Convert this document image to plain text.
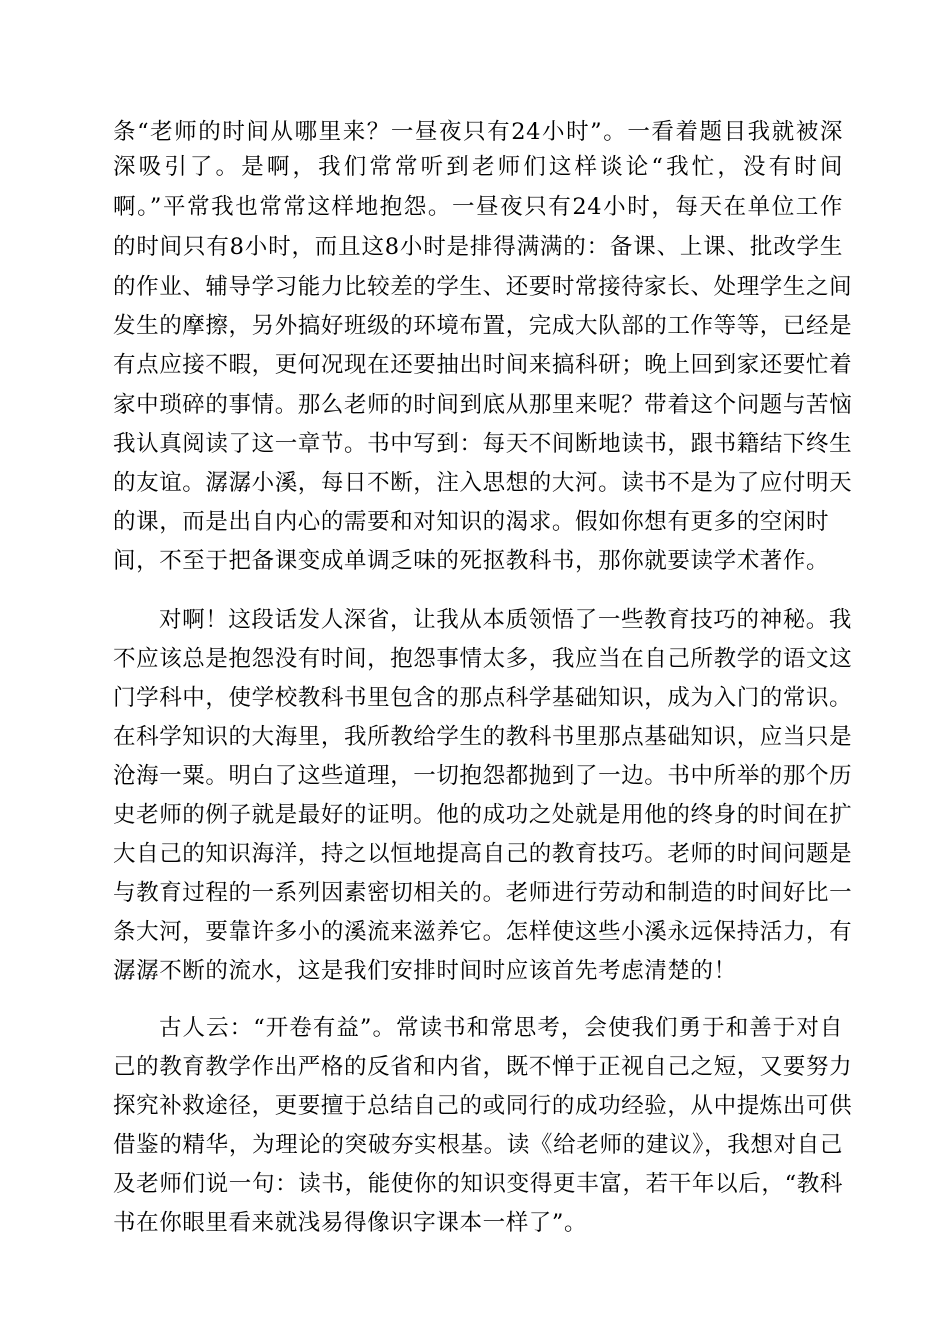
条“老师的时间从哪里来？一昼夜只有24小时”。一看着题目我就被深
深吸引了。是啊，我们常常听到老师们这样谈论“我忙，没有时间
啊。”平常我也常常这样地抱怨。一昼夜只有24小时，每天在单位工作
的时间只有8小时，而且这8小时是排得满满的：备课、上课、批改学生
的作业、辅导学习能力比较差的学生、还要时常接待家长、处理学生之间
发生的摩擦，另外搞好班级的环境布置，完成大队部的工作等等，已经是
有点应接不暇，更何况现在还要抽出时间来搞科研；晚上回到家还要忙着
家中琐碎的事情。那么老师的时间到底从那里来呢？带着这个问题与苦恼
我认真阅读了这一章节。书中写到：每天不间断地读书，跟书籍结下终生
的友谊。潺潺小溪，每日不断，注入思想的大河。读书不是为了应付明天
的课，而是出自内心的需要和对知识的渴求。假如你想有更多的空闲时
间，不至于把备课变成单调乏味的死抠教科书，那你就要读学术著作。
对啊！这段话发人深省，让我从本质领悟了一些教育技巧的神秘。我
不应该总是抱怨没有时间，抱怨事情太多，我应当在自己所教学的语文这
门学科中，使学校教科书里包含的那点科学基础知识，成为入门的常识。
在科学知识的大海里，我所教给学生的教科书里那点基础知识，应当只是
沧海一粟。明白了这些道理，一切抱怨都抛到了一边。书中所举的那个历
史老师的例子就是最好的证明。他的成功之处就是用他的终身的时间在扩
大自己的知识海洋，持之以恒地提高自己的教育技巧。老师的时间问题是
与教育过程的一系列因素密切相关的。老师进行劳动和制造的时间好比一
条大河，要靠许多小的溪流来滋养它。怎样使这些小溪永远保持活力，有
潺潺不断的流水，这是我们安排时间时应该首先考虑清楚的！
古人云：“开卷有益”。常读书和常思考，会使我们勇于和善于对自
己的教育教学作出严格的反省和内省，既不惮于正视自己之短，又要努力
探究补救途径，更要擅于总结自己的或同行的成功经验，从中提炼出可供
借鉴的精华，为理论的突破夯实根基。读《给老师的建议》，我想对自己
及老师们说一句：读书，能使你的知识变得更丰富，若干年以后，“教科
书在你眼里看来就浅易得像识字课本一样了”。
